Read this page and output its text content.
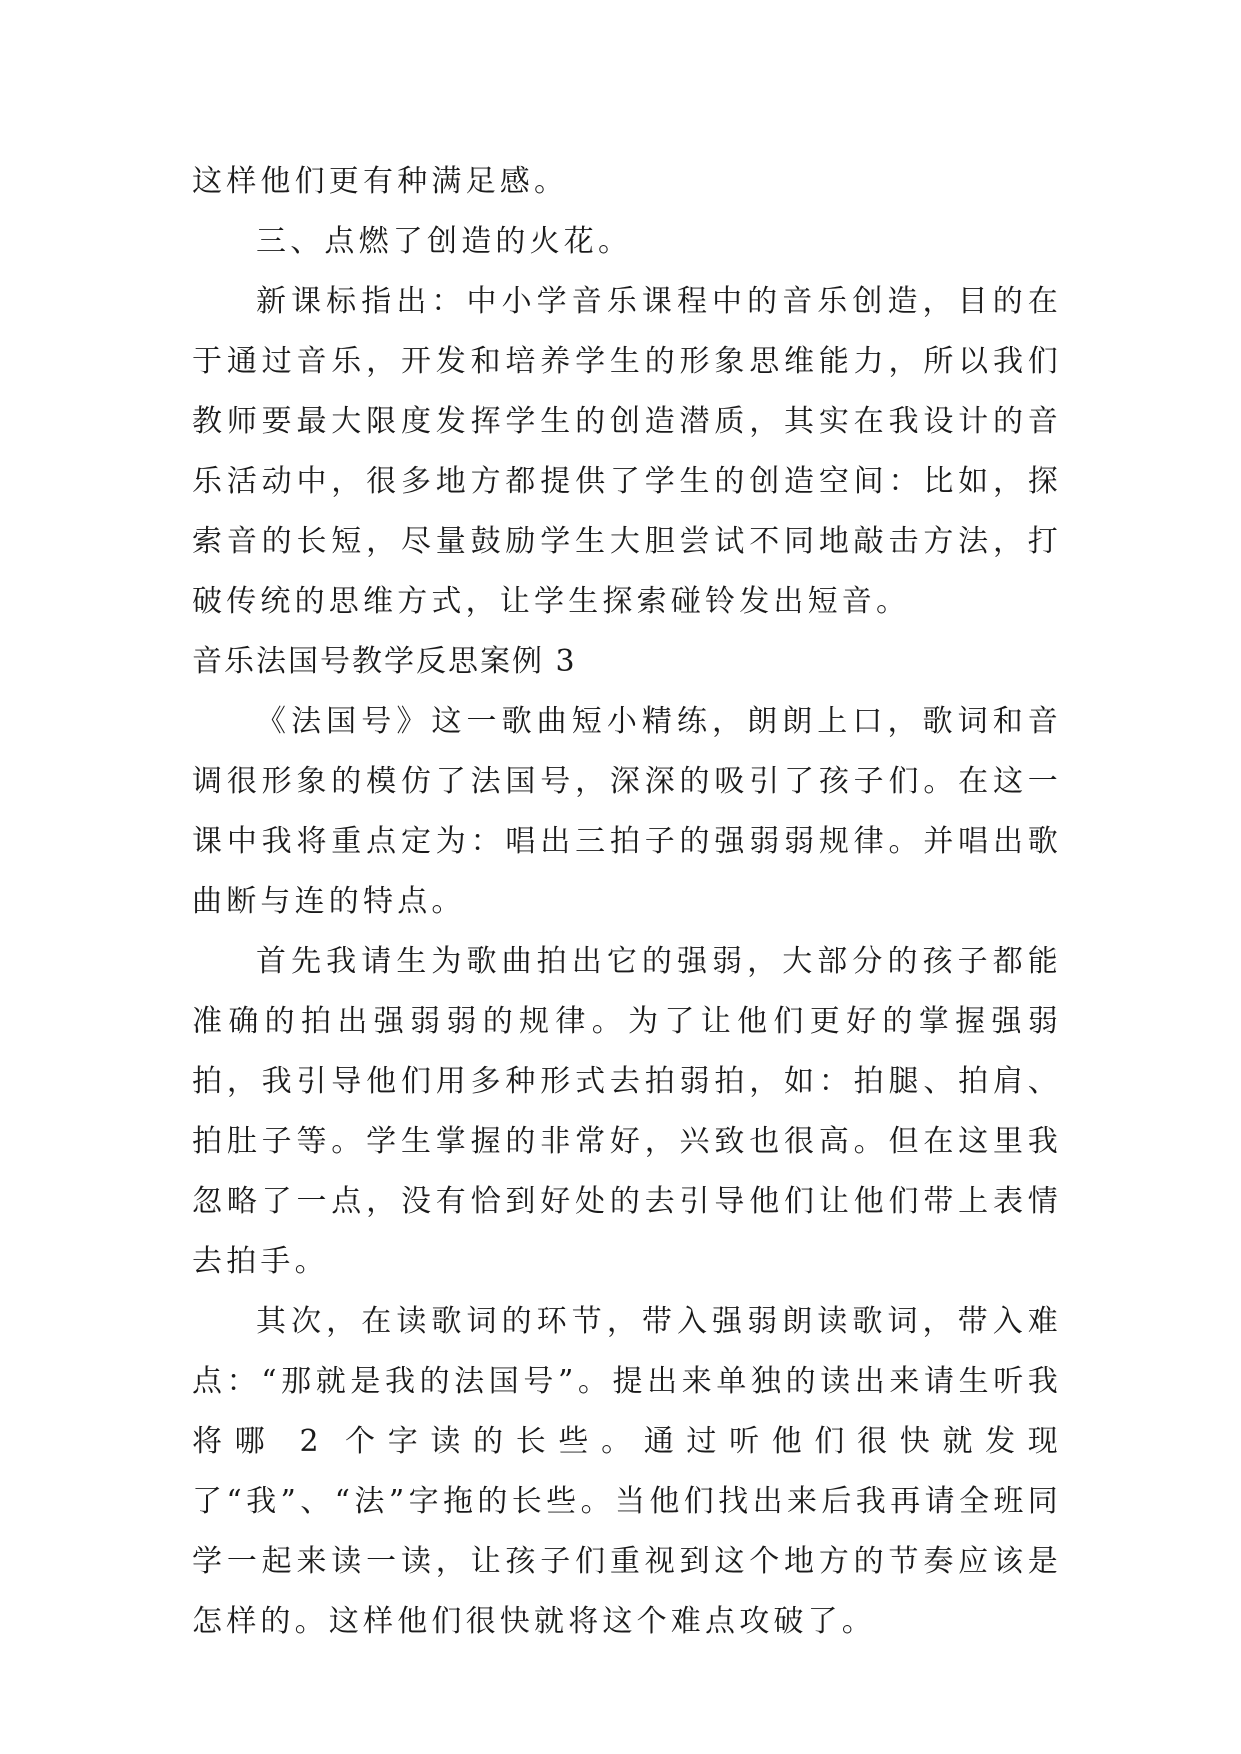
这样他们更有种满足感。

三、点燃了创造的火花。

新课标指出：中小学音乐课程中的音乐创造，目的在于通过音乐，开发和培养学生的形象思维能力，所以我们教师要最大限度发挥学生的创造潜质，其实在我设计的音乐活动中，很多地方都提供了学生的创造空间：比如，探索音的长短，尽量鼓励学生大胆尝试不同地敲击方法，打破传统的思维方式，让学生探索碰铃发出短音。

音乐法国号教学反思案例 3

《法国号》这一歌曲短小精练，朗朗上口，歌词和音调很形象的模仿了法国号，深深的吸引了孩子们。在这一课中我将重点定为：唱出三拍子的强弱弱规律。并唱出歌曲断与连的特点。

首先我请生为歌曲拍出它的强弱，大部分的孩子都能准确的拍出强弱弱的规律。为了让他们更好的掌握强弱拍，我引导他们用多种形式去拍弱拍，如：拍腿、拍肩、拍肚子等。学生掌握的非常好，兴致也很高。但在这里我忽略了一点，没有恰到好处的去引导他们让他们带上表情去拍手。

其次，在读歌词的环节，带入强弱朗读歌词，带入难点：“那就是我的法国号”。提出来单独的读出来请生听我将哪 2 个字读的长些。通过听他们很快就发现了“我”、“法”字拖的长些。当他们找出来后我再请全班同学一起来读一读，让孩子们重视到这个地方的节奏应该是怎样的。这样他们很快就将这个难点攻破了。
